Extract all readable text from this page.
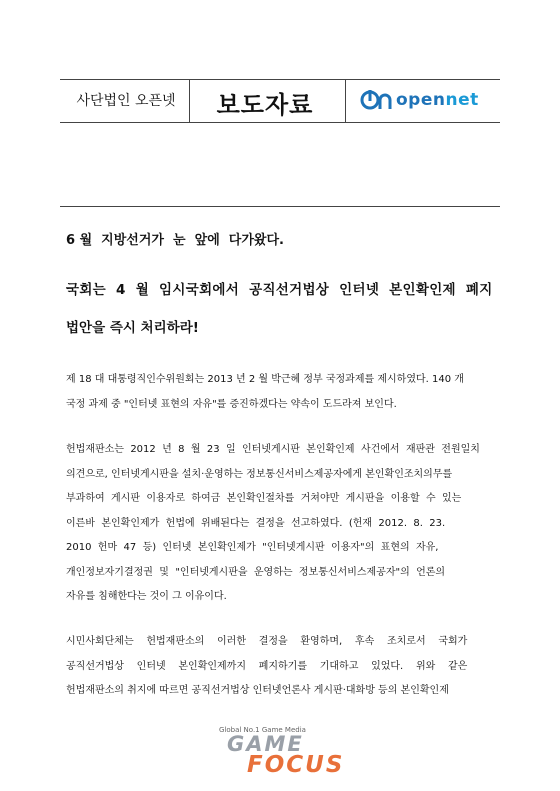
사단법인 오픈넷	보도자료	opennet
6 월  지방선거가  눈  앞에  다가왔다.
국회는  4  월  임시국회에서  공직선거법상  인터넷  본인확인제  폐지
법안을 즉시 처리하라!
제 18 대 대통령직인수위원회는 2013 년 2 월 박근혜 정부 국정과제를 제시하였다. 140 개
국정 과제 중 "인터넷 표현의 자유"를 증진하겠다는 약속이 도드라져 보인다.
헌법재판소는  2012  년  8  월  23  일  인터넷게시판  본인확인제  사건에서  재판관  전원일치
의견으로, 인터넷게시판을 설치·운영하는 정보통신서비스제공자에게 본인확인조치의무를
부과하여  게시판  이용자로  하여금  본인확인절차를  거쳐야만  게시판을  이용할  수  있는
이른바  본인확인제가  헌법에  위배된다는  결정을  선고하였다.  (헌재  2012.  8.  23.
2010  헌마  47  등)  인터넷  본인확인제가  "인터넷게시판  이용자"의  표현의  자유,
개인정보자기결정권  및  "인터넷게시판을  운영하는  정보통신서비스제공자"의  언론의
자유를 침해한다는 것이 그 이유이다.
시민사회단체는    헌법재판소의    이러한    결정을    환영하며,    후속    조치로서    국회가
공직선거법상    인터넷    본인확인제까지    폐지하기를    기대하고    있었다.    위와    같은
헌법재판소의 취지에 따르면 공직선거법상 인터넷언론사 게시판·대화방 등의 본인확인제
Global No.1 Game Media
GAME
FOCUS
